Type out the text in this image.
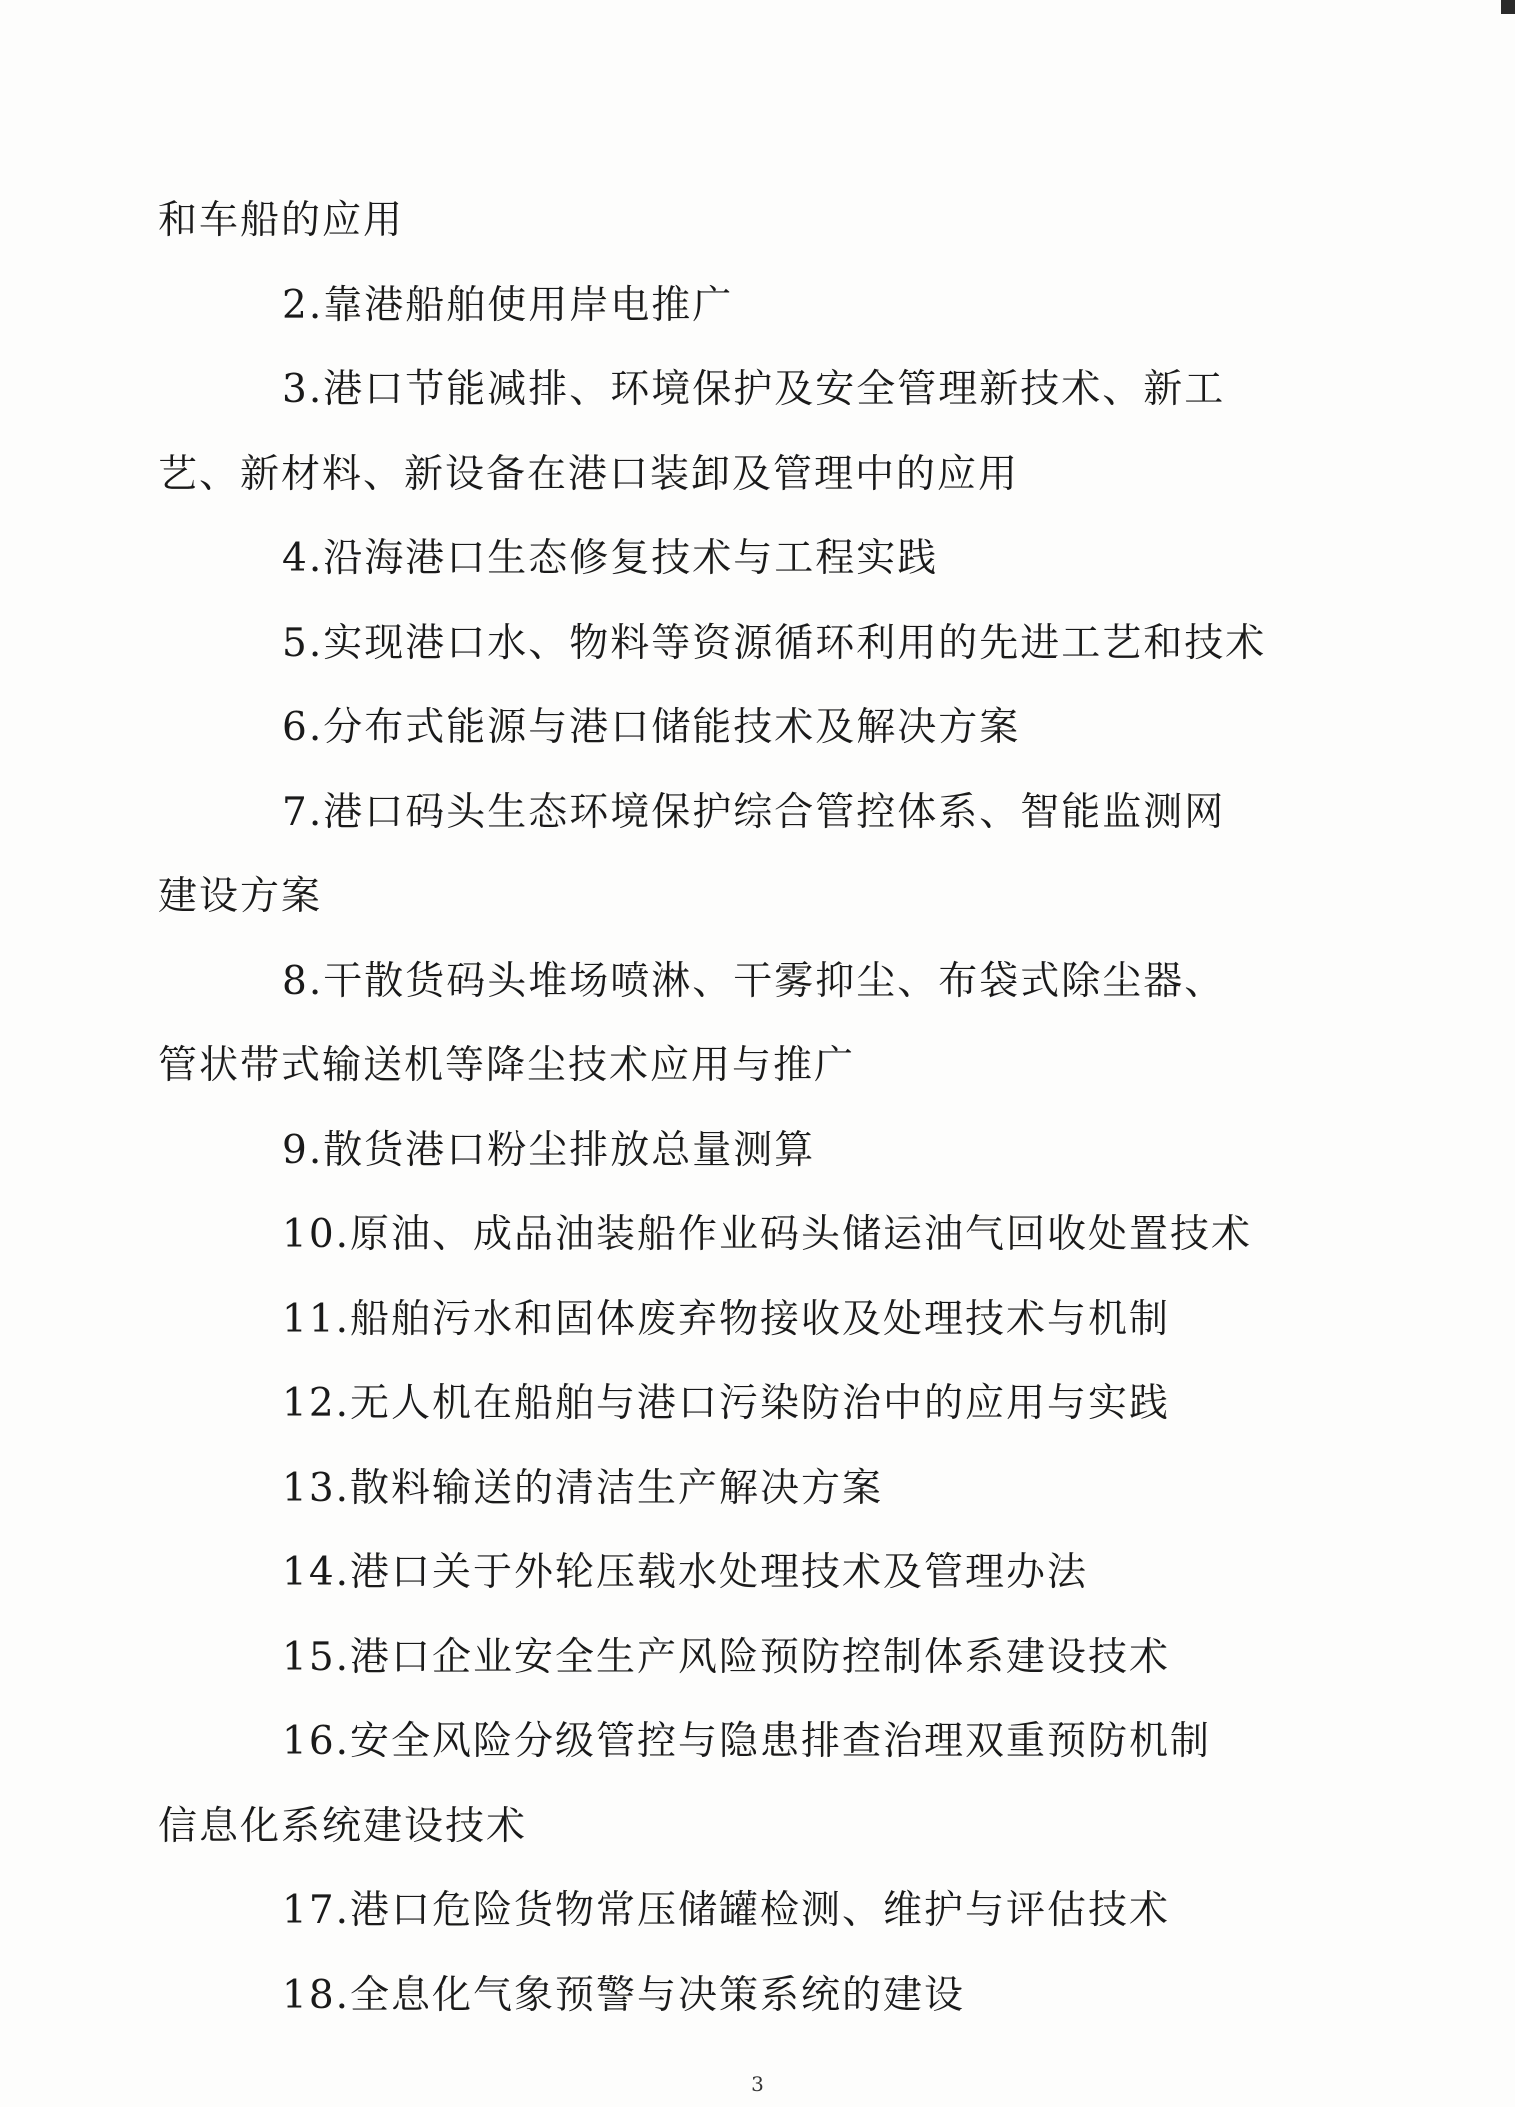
和车船的应用
2.靠港船舶使用岸电推广
3.港口节能减排、环境保护及安全管理新技术、新工
艺、新材料、新设备在港口装卸及管理中的应用
4.沿海港口生态修复技术与工程实践
5.实现港口水、物料等资源循环利用的先进工艺和技术
6.分布式能源与港口储能技术及解决方案
7.港口码头生态环境保护综合管控体系、智能监测网
建设方案
8.干散货码头堆场喷淋、干雾抑尘、布袋式除尘器、
管状带式输送机等降尘技术应用与推广
9.散货港口粉尘排放总量测算
10.原油、成品油装船作业码头储运油气回收处置技术
11.船舶污水和固体废弃物接收及处理技术与机制
12.无人机在船舶与港口污染防治中的应用与实践
13.散料输送的清洁生产解决方案
14.港口关于外轮压载水处理技术及管理办法
15.港口企业安全生产风险预防控制体系建设技术
16.安全风险分级管控与隐患排查治理双重预防机制
信息化系统建设技术
17.港口危险货物常压储罐检测、维护与评估技术
18.全息化气象预警与决策系统的建设
3
